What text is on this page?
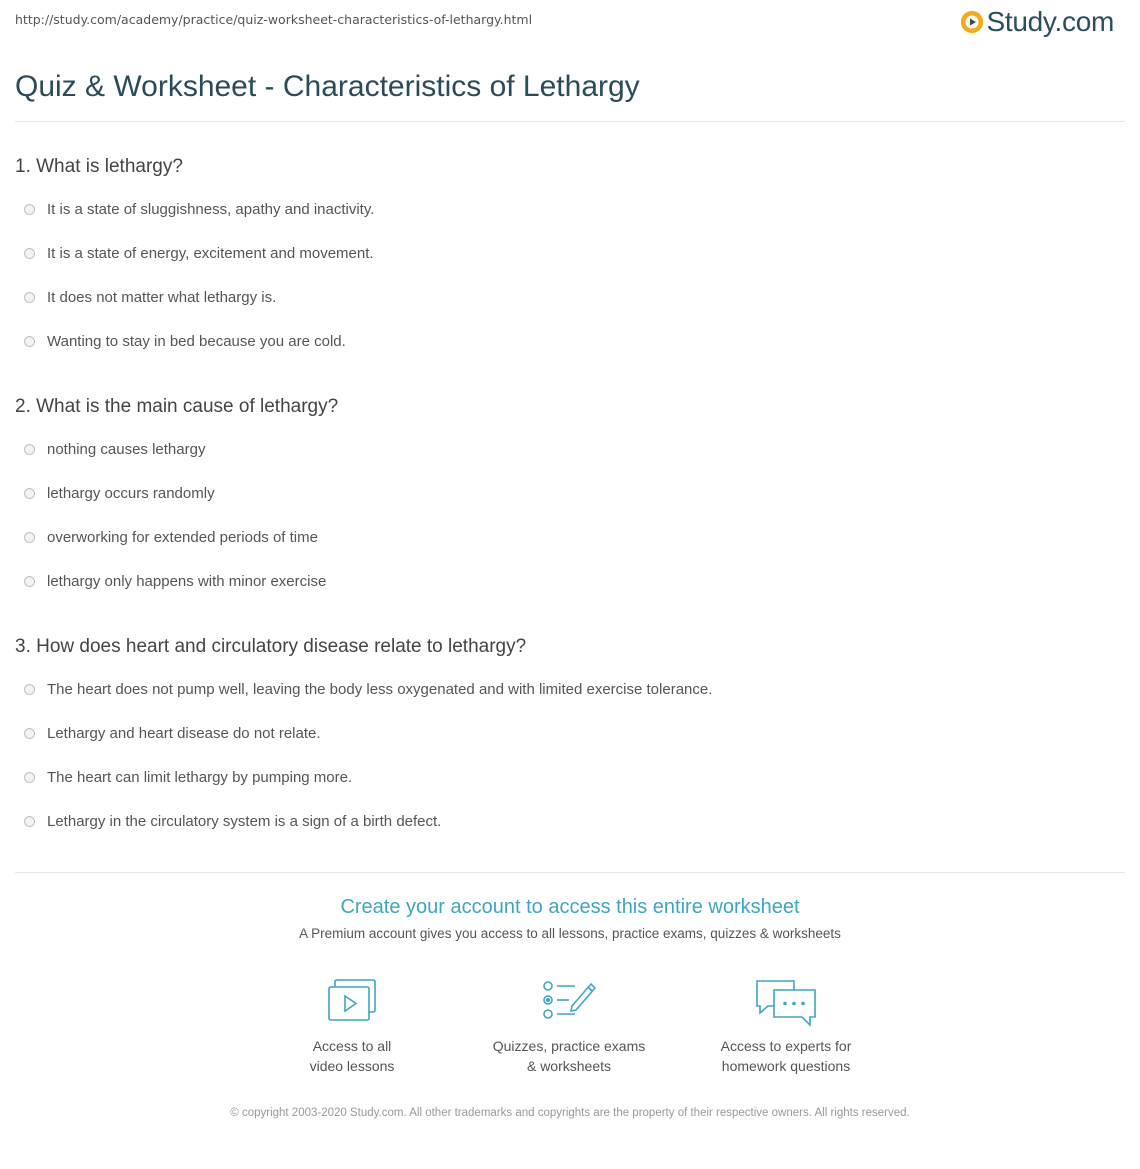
http://study.com/academy/practice/quiz-worksheet-characteristics-of-lethargy.html	Study.com
Quiz & Worksheet - Characteristics of Lethargy
1. What is lethargy?
It is a state of sluggishness, apathy and inactivity.
It is a state of energy, excitement and movement.
It does not matter what lethargy is.
Wanting to stay in bed because you are cold.
2. What is the main cause of lethargy?
nothing causes lethargy
lethargy occurs randomly
overworking for extended periods of time
lethargy only happens with minor exercise
3. How does heart and circulatory disease relate to lethargy?
The heart does not pump well, leaving the body less oxygenated and with limited exercise tolerance.
Lethargy and heart disease do not relate.
The heart can limit lethargy by pumping more.
Lethargy in the circulatory system is a sign of a birth defect.
Create your account to access this entire worksheet
A Premium account gives you access to all lessons, practice exams, quizzes & worksheets
Access to all
video lessons
Quizzes, practice exams
& worksheets
Access to experts for
homework questions
© copyright 2003-2020 Study.com. All other trademarks and copyrights are the property of their respective owners. All rights reserved.
